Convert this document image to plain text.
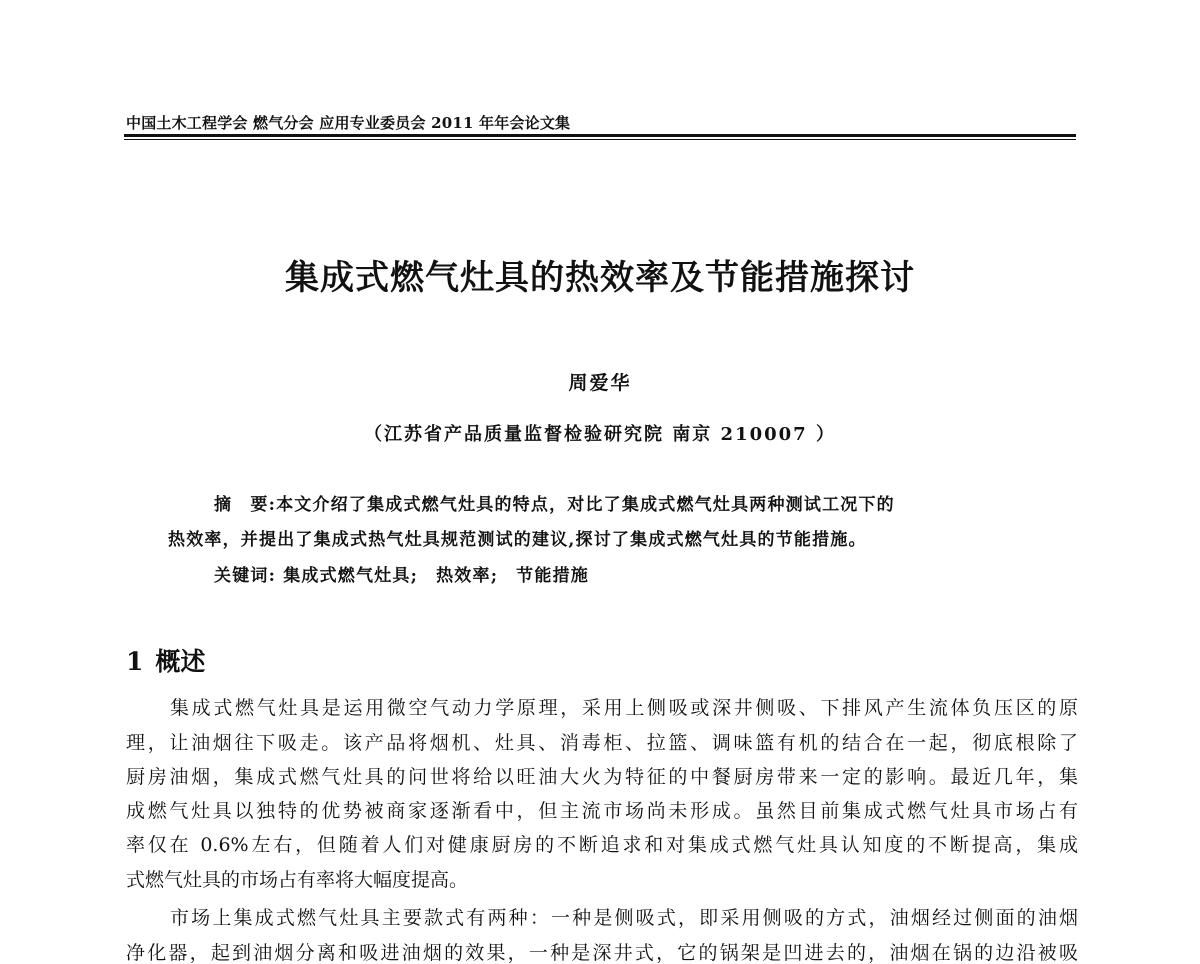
中国土木工程学会 燃气分会 应用专业委员会 2011 年年会论文集
集成式燃气灶具的热效率及节能措施探讨
周爱华
（江苏省产品质量监督检验研究院 南京 210007 ）
摘　要:本文介绍了集成式燃气灶具的特点，对比了集成式燃气灶具两种测试工况下的
热效率，并提出了集成式热气灶具规范测试的建议,探讨了集成式燃气灶具的节能措施。
关键词: 集成式燃气灶具; 热效率; 节能措施
1 概述
集成式燃气灶具是运用微空气动力学原理，采用上侧吸或深井侧吸、下排风产生流体负压区的原
理，让油烟往下吸走。该产品将烟机、灶具、消毒柜、拉篮、调味篮有机的结合在一起，彻底根除了
厨房油烟，集成式燃气灶具的问世将给以旺油大火为特征的中餐厨房带来一定的影响。最近几年，集
成燃气灶具以独特的优势被商家逐渐看中，但主流市场尚未形成。虽然目前集成式燃气灶具市场占有
率仅在 0.6%左右，但随着人们对健康厨房的不断追求和对集成式燃气灶具认知度的不断提高，集成
式燃气灶具的市场占有率将大幅度提高。
市场上集成式燃气灶具主要款式有两种：一种是侧吸式，即采用侧吸的方式，油烟经过侧面的油烟
净化器，起到油烟分离和吸进油烟的效果，一种是深井式，它的锅架是凹进去的，油烟在锅的边沿被吸
